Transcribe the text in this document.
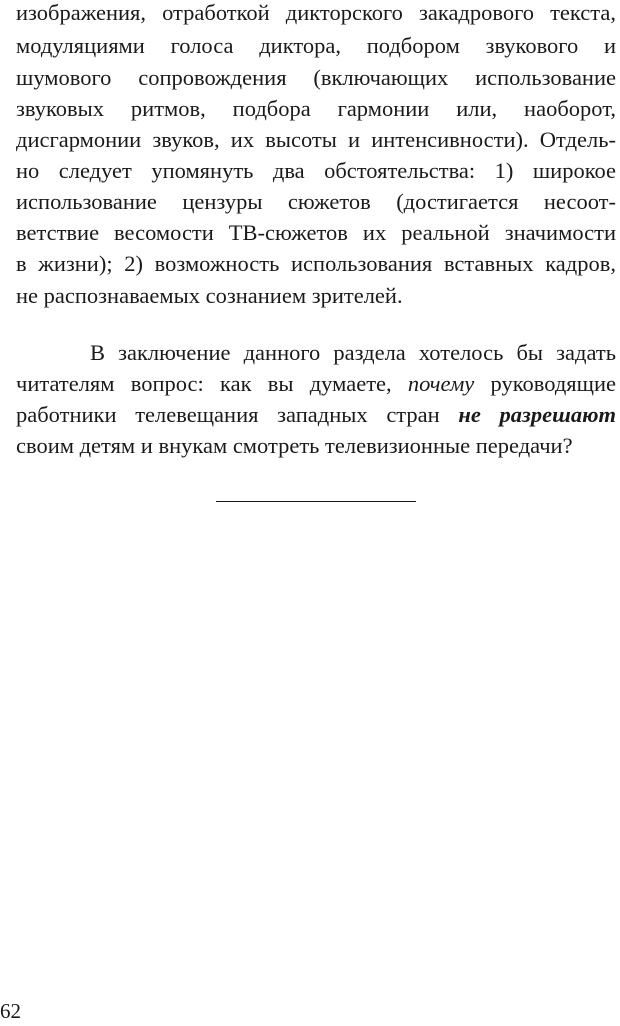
изображения, отработкой дикторского закадрового текста,
модуляциями голоса диктора, подбором звукового и
шумового сопровождения (включающих использование
звуковых ритмов, подбора гармонии или, наоборот,
дисгармонии звуков, их высоты и интенсивности). Отдель-
но следует упомянуть два обстоятельства: 1) широкое
использование цензуры сюжетов (достигается несоот-
ветствие весомости ТВ-сюжетов их реальной значимости
в жизни); 2) возможность использования вставных кадров,
не распознаваемых сознанием зрителей.
В заключение данного раздела хотелось бы задать
читателям вопрос: как вы думаете, почему руководящие
работники телевещания западных стран не разрешают
своим детям и внукам смотреть телевизионные передачи?
62
